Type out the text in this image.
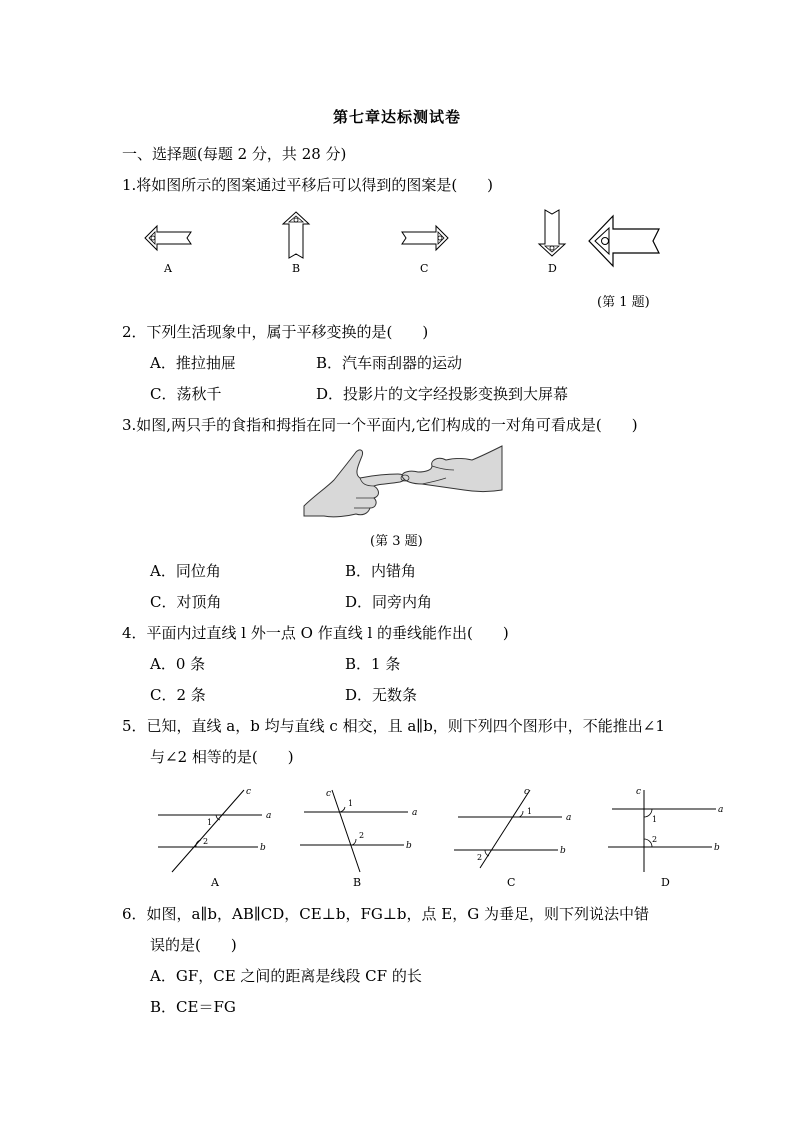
第七章达标测试卷
一、选择题(每题 2 分，共 28 分)
1.将如图所示的图案通过平移后可以得到的图案是(　　)
A	B	C	D
(第 1 题)
2．下列生活现象中，属于平移变换的是(　　)
A．推拉抽屉	B．汽车雨刮器的运动
C．荡秋千	D．投影片的文字经投影变换到大屏幕
3.如图,两只手的食指和拇指在同一个平面内,它们构成的一对角可看成是(　　)
(第 3 题)
A．同位角	B．内错角
C．对顶角	D．同旁内角
4．平面内过直线 l 外一点 O 作直线 l 的垂线能作出(　　)
A．0 条	B．1 条
C．2 条	D．无数条
5．已知，直线 a，b 均与直线 c 相交，且 a∥b，则下列四个图形中，不能推出∠1
与∠2 相等的是(　　)
c
a
b
1
2
A
c
a
b
1
2
B
c
a
b
1
2
C
c
a
b
1
2
D
6．如图，a∥b，AB∥CD，CE⊥b，FG⊥b，点 E，G 为垂足，则下列说法中错
误的是(　　)
A．GF，CE 之间的距离是线段 CF 的长
B．CE＝FG
